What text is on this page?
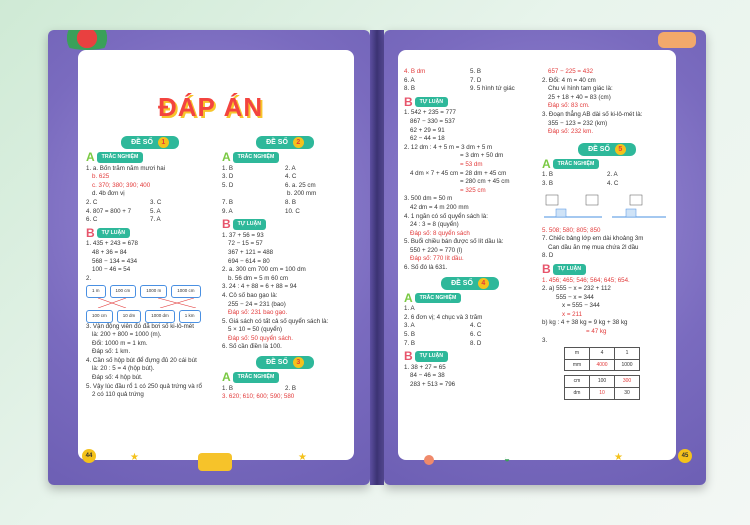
ĐÁP ÁN
ĐỀ SỐ 1
A	TRẮC NGHIỆM
1. a. Bốn trăm năm mươi hai
b. 625
c. 370; 380; 390; 400
d. 4b đơn vị
2. C	3. C
4. 807 = 800 + 7	5. A
6. C	7. A
B	TỰ LUẬN
1. 435 + 243 = 678
48 + 36 = 84
568 − 134 = 434
100 − 46 = 54
2.
1 m	100 cm	1000 m	1000 cm
100 cm	10 dm	1000 dm	1 km
3. Vận động viên đó đã bơi số ki-lô-mét
là: 200 + 800 = 1000 (m).
Đổi: 1000 m = 1 km.
Đáp số: 1 km.
4. Cần số hộp bút để đựng đủ 20 cái bút
là: 20 : 5 = 4 (hộp bút).
Đáp số: 4 hộp bút.
5. Vậy lúc đầu rổ 1 có 250 quả trứng và rổ
2 có 110 quả trứng
ĐỀ SỐ 2
A	TRẮC NGHIỆM
1. B	2. A
3. D	4. C
5. D	6. a. 25 cm
b. 200 mm
7. B	8. B
9. A	10. C
B	TỰ LUẬN
1. 37 + 56 = 93
72 − 15 = 57
367 + 121 = 488
694 − 614 = 80
2. a. 300 cm 700 cm = 100 dm
b. 56 dm = 5 m 60 cm
3. 24 : 4 + 88 = 6 + 88 = 94
4. Cô số bao gạo là:
255 − 24 = 231 (bao)
Đáp số: 231 bao gạo.
5. Giá sách có tất cả số quyển sách là:
5 × 10 = 50 (quyển)
Đáp số: 50 quyển sách.
6. Số cần điền là 100.
ĐỀ SỐ 3
A	TRẮC NGHIỆM
1. B	2. B
3. 620; 610; 600; 590; 580
44	★	★
4. B dm	5. B
6. A	7. D
8. B	9. 5 hình tứ giác
B	TỰ LUẬN
1. 542 + 235 = 777
867 − 330 = 537
62 + 29 = 91
62 − 44 = 18
2. 12 dm : 4 + 5 m = 3 dm + 5 m
= 3 dm + 50 dm
= 53 dm
4 dm × 7 + 45 cm = 28 dm + 45 cm
= 280 cm + 45 cm
= 325 cm
3. 500 dm = 50 m
42 dm = 4 m 200 mm
4. 1 ngăn có số quyển sách là:
24 : 3 = 8 (quyển)
Đáp số: 8 quyển sách
5. Buổi chiều bán được số lít dầu là:
550 + 220 = 770 (l)
Đáp số: 770 lít dầu.
6. Số đó là 631.
ĐỀ SỐ 4
A	TRẮC NGHIỆM
1. A
2. 6 đơn vị; 4 chục và 3 trăm
3. A	4. C
5. B	6. C
7. B	8. D
B	TỰ LUẬN
1. 38 + 27 = 65
84 − 46 = 38
283 + 513 = 796
657 − 225 = 432
2. Đổi: 4 m = 40 cm
Chu vi hình tam giác là:
25 + 18 + 40 = 83 (cm)
Đáp số: 83 cm.
3. Đoạn thẳng AB dài số ki-lô-mét là:
355 − 123 = 232 (km)
Đáp số: 232 km.
ĐỀ SỐ 5
A	TRẮC NGHIỆM
1. B	2. A
3. B	4. C
5. 508; 580; 805; 850
7. Chiếc bảng lớp em dài khoảng 3m
Can dầu ăn mẹ mua chứa 2l dầu
8. D
B	TỰ LUẬN
1. 456; 465; 546; 564; 645; 654.
2. a) 555 − x = 232 + 112
555 − x = 344
x = 555 − 344
x = 211
b) kg : 4 + 38 kg = 9 kg + 38 kg
= 47 kg
3.
m	4	1
mm	4000	1000
cm	100	300
dm	10	30
45
◒	★
